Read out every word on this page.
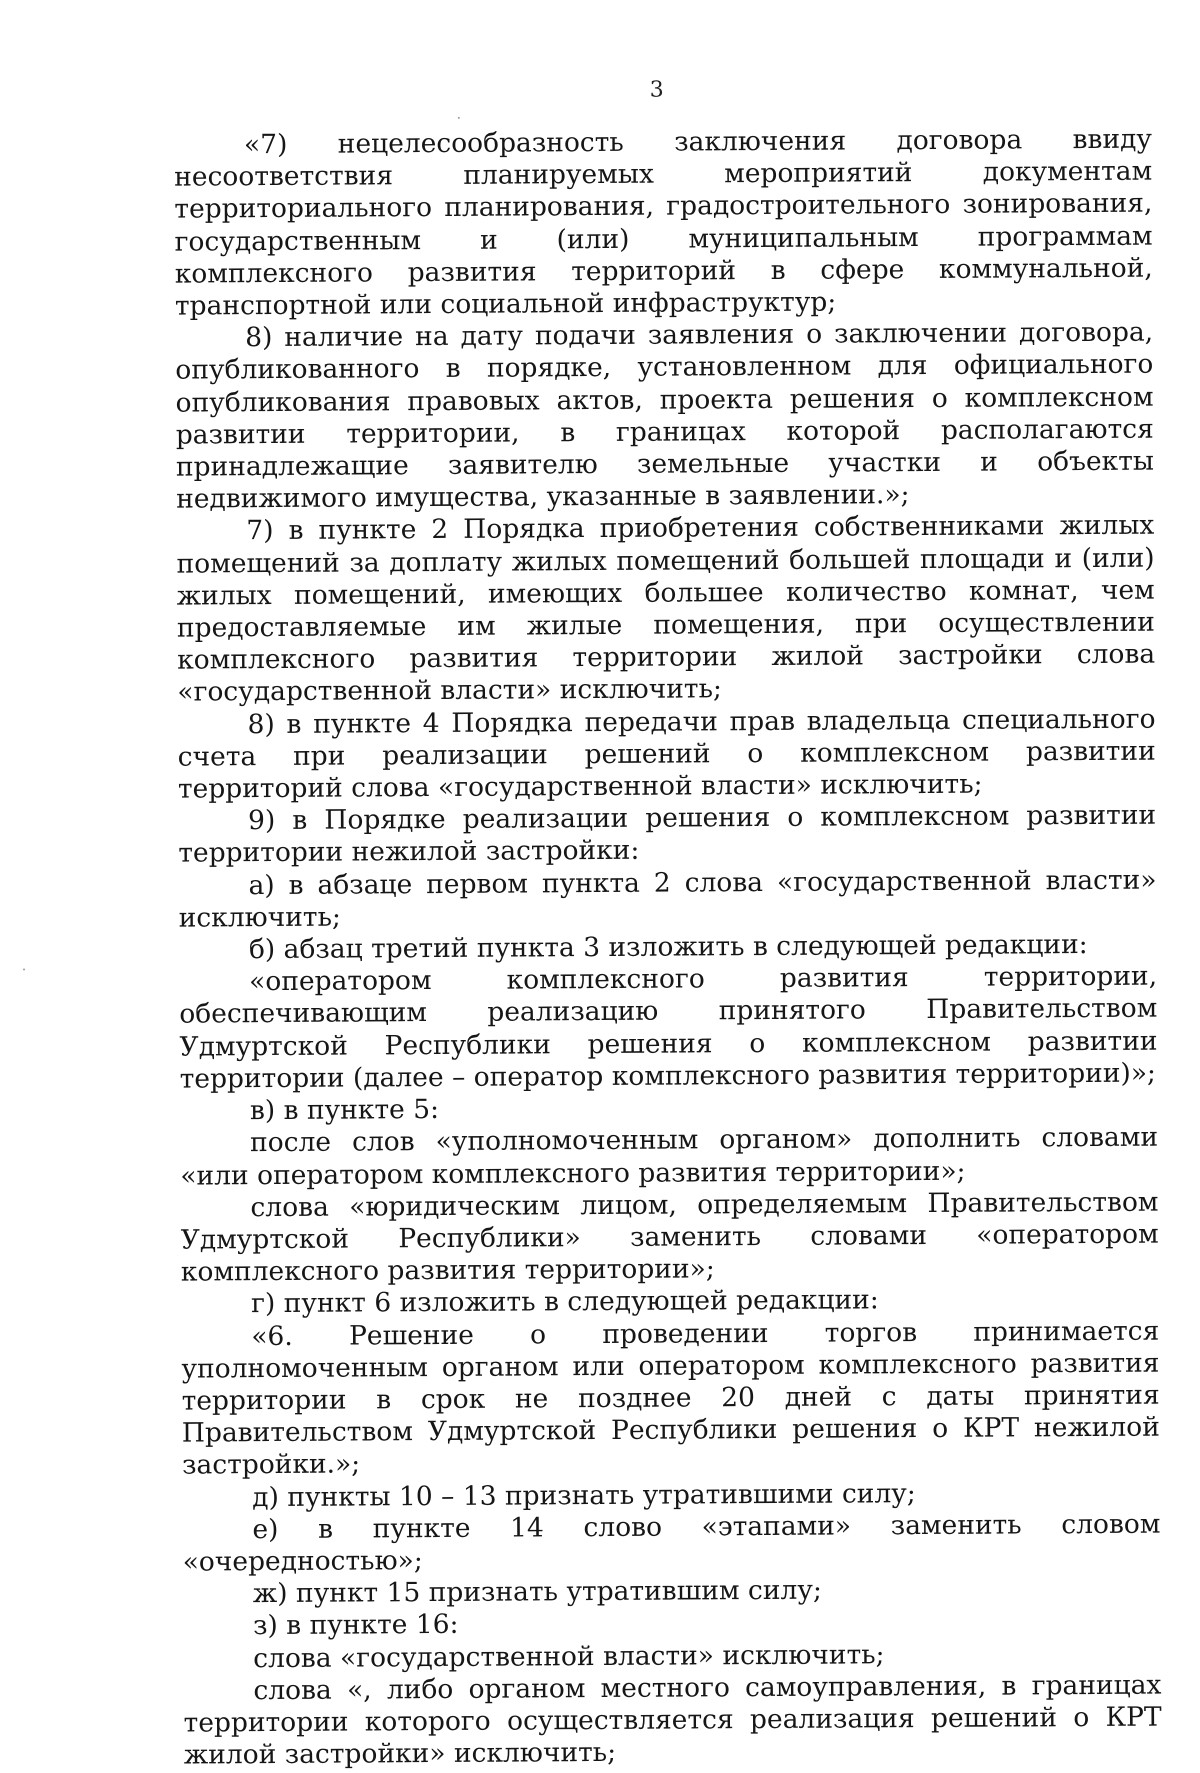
3

«7) нецелесообразность заключения договора ввиду несоответствия планируемых мероприятий документам территориального планирования, градостроительного зонирования, государственным и (или) муниципальным программам комплексного развития территорий в сфере коммунальной, транспортной или социальной инфраструктур;

8) наличие на дату подачи заявления о заключении договора, опубликованного в порядке, установленном для официального опубликования правовых актов, проекта решения о комплексном развитии территории, в границах которой располагаются принадлежащие заявителю земельные участки и объекты недвижимого имущества, указанные в заявлении.»;

7) в пункте 2 Порядка приобретения собственниками жилых помещений за доплату жилых помещений большей площади и (или) жилых помещений, имеющих большее количество комнат, чем предоставляемые им жилые помещения, при осуществлении комплексного развития территории жилой застройки слова «государственной власти» исключить;

8) в пункте 4 Порядка передачи прав владельца специального счета при реализации решений о комплексном развитии территорий слова «государственной власти» исключить;

9) в Порядке реализации решения о комплексном развитии территории нежилой застройки:

а) в абзаце первом пункта 2 слова «государственной власти» исключить;

б) абзац третий пункта 3 изложить в следующей редакции:

«оператором комплексного развития территории, обеспечивающим реализацию принятого Правительством Удмуртской Республики решения о комплексном развитии территории (далее – оператор комплексного развития территории)»;

в) в пункте 5:

после слов «уполномоченным органом» дополнить словами «или оператором комплексного развития территории»;

слова «юридическим лицом, определяемым Правительством Удмуртской Республики» заменить словами «оператором комплексного развития территории»;

г) пункт 6 изложить в следующей редакции:

«6. Решение о проведении торгов принимается уполномоченным органом или оператором комплексного развития территории в срок не позднее 20 дней с даты принятия Правительством Удмуртской Республики решения о КРТ нежилой застройки.»;

д) пункты 10 – 13 признать утратившими силу;

е) в пункте 14 слово «этапами» заменить словом «очередностью»;

ж) пункт 15 признать утратившим силу;

з) в пункте 16:

слова «государственной власти» исключить;

слова «, либо органом местного самоуправления, в границах территории которого осуществляется реализация решений о КРТ жилой застройки» исключить;
